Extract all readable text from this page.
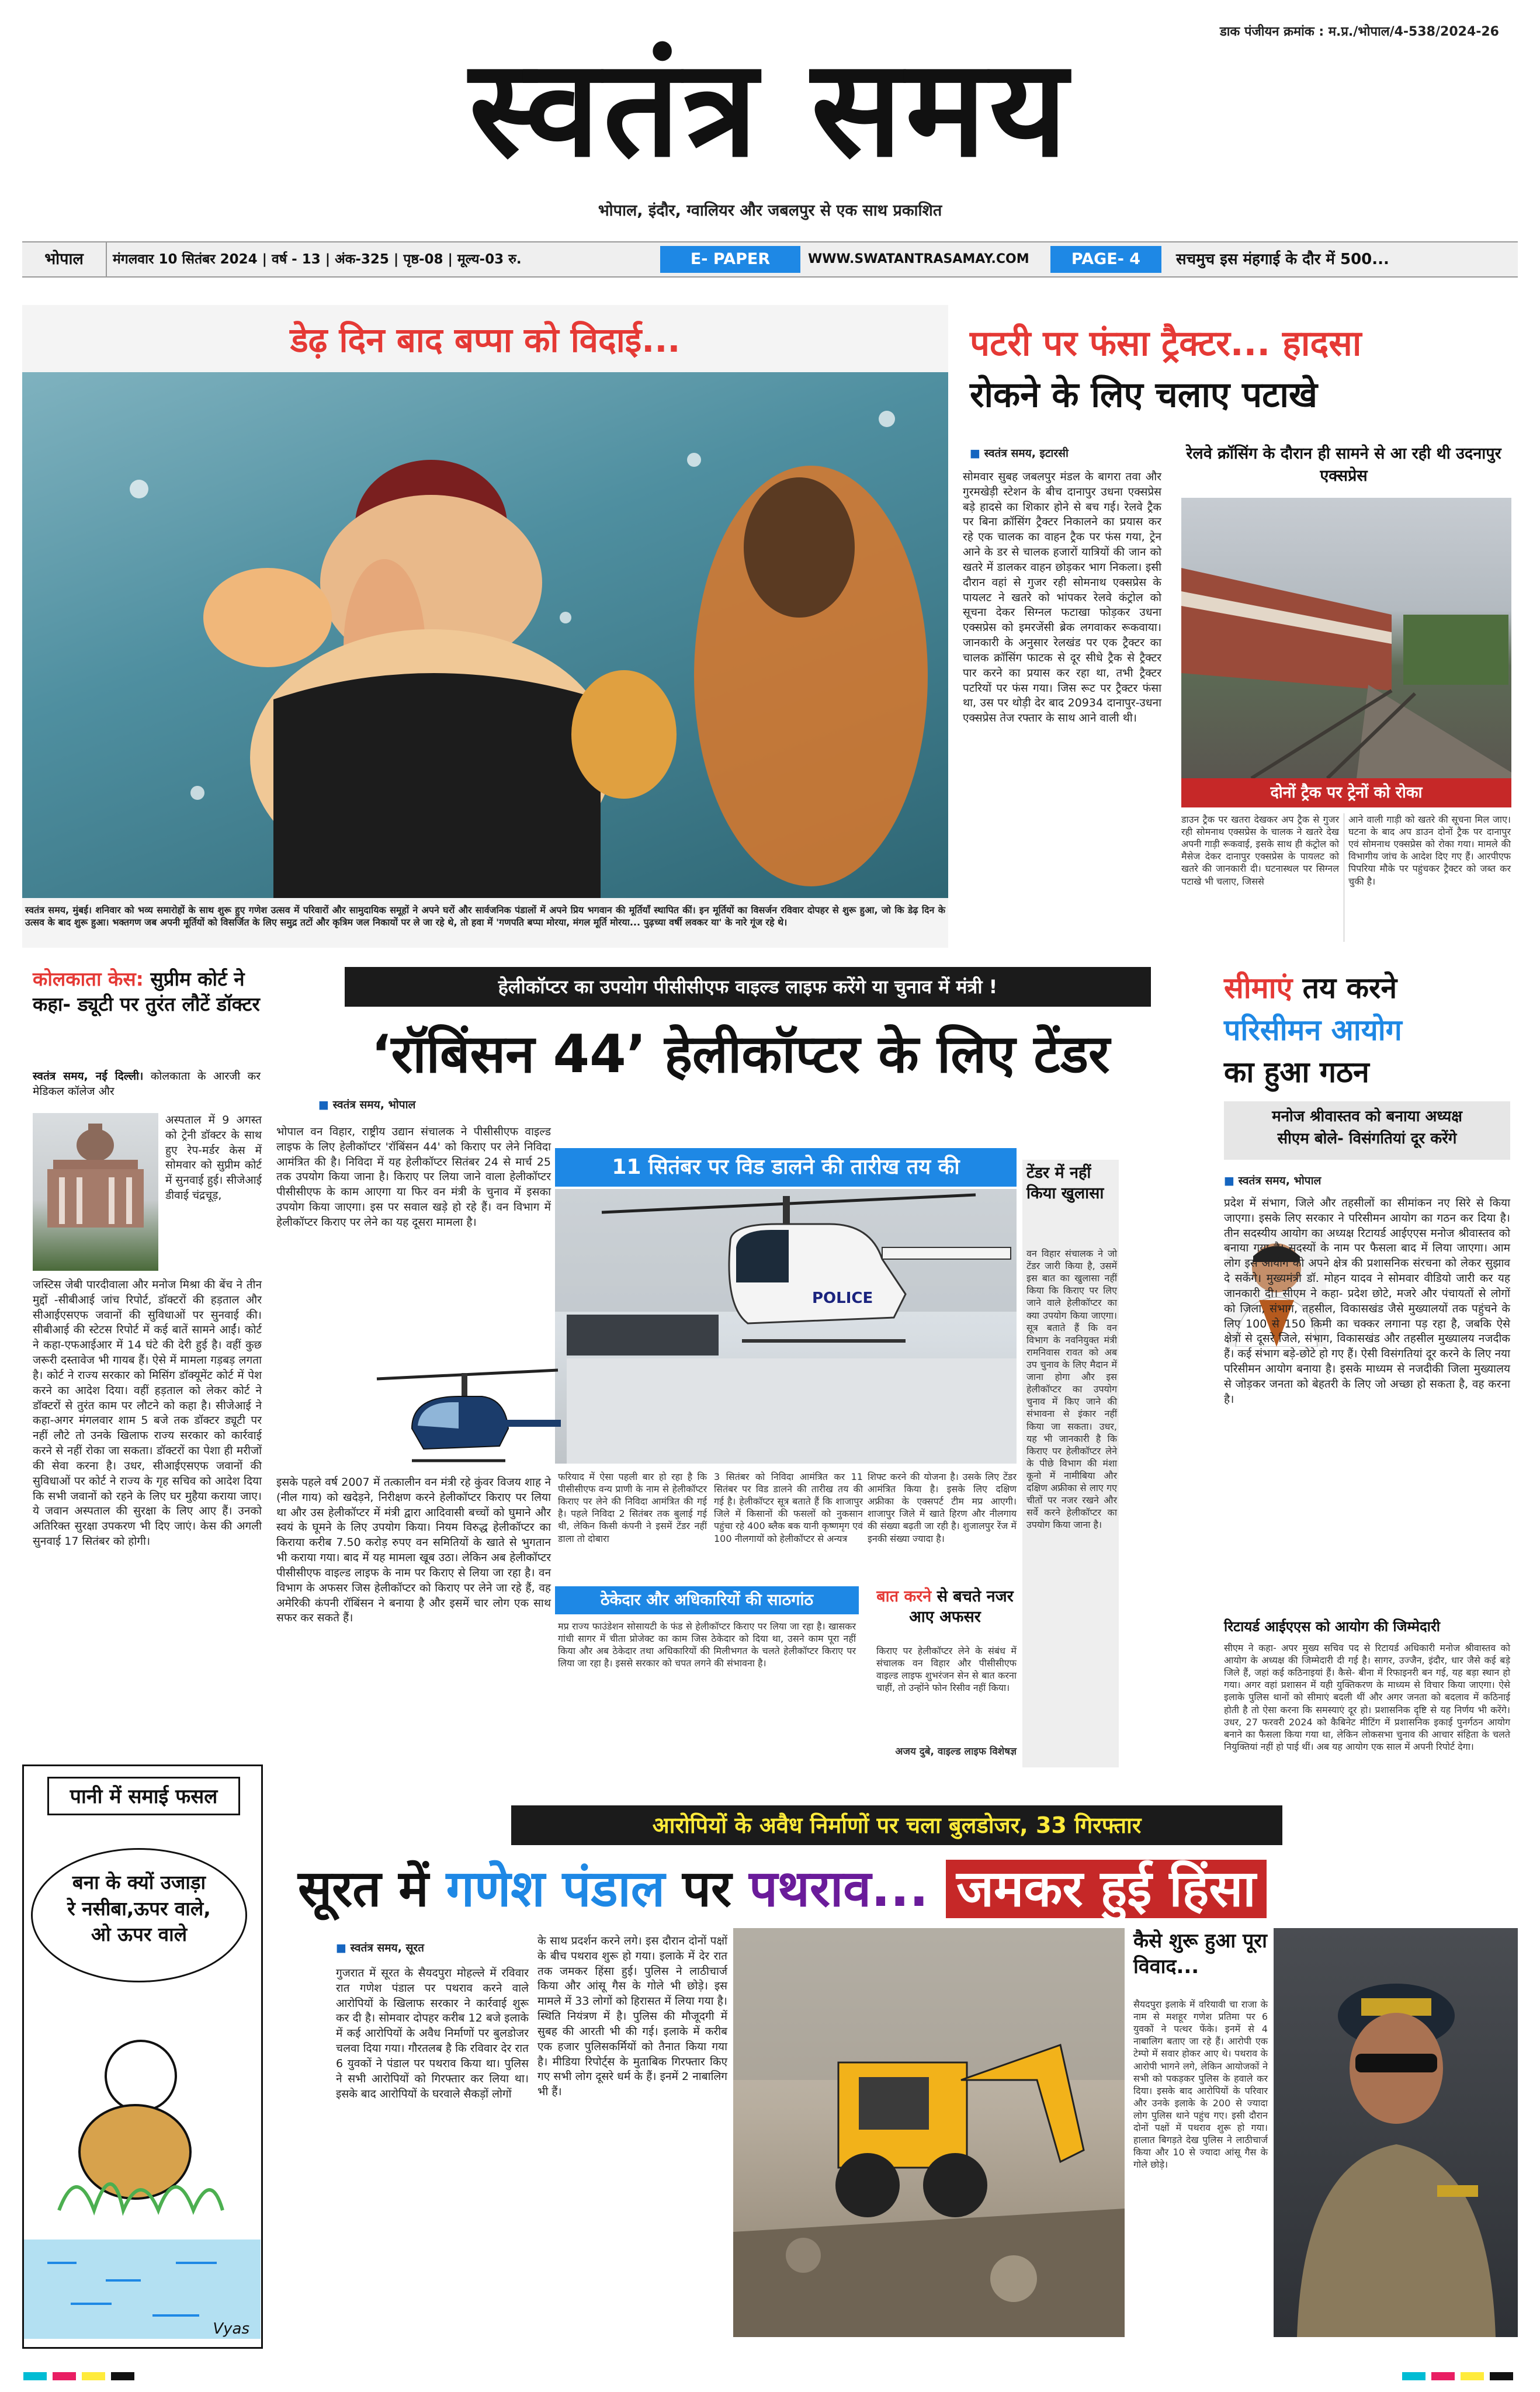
डाक पंजीयन क्रमांक : म.प्र./भोपाल/4-538/2024-26
स्वतंत्र समय
भोपाल, इंदौर, ग्वालियर और जबलपुर से एक साथ प्रकाशित
भोपाल	मंगलवार 10 सितंबर 2024 | वर्ष - 13 | अंक-325 | पृष्ठ-08 | मूल्य-03 रु.	E- PAPER	WWW.SWATANTRASAMAY.COM	PAGE- 4	सचमुच इस मंहगाई के दौर में 500...
डेढ़ दिन बाद बप्पा को विदाई...
स्वतंत्र समय, मुंबई। शनिवार को भव्य समारोहों के साथ शुरू हुए गणेश उत्सव में परिवारों और सामुदायिक समूहों ने अपने घरों और सार्वजनिक पंडालों में अपने प्रिय भगवान की मूर्तियाँ स्थापित कीं। इन मूर्तियों का विसर्जन रविवार दोपहर से शुरू हुआ, जो कि डेढ़ दिन के उत्सव के बाद शुरू हुआ। भक्तगण जब अपनी मूर्तियों को विसर्जित के लिए समुद्र तटों और कृत्रिम जल निकायों पर ले जा रहे थे, तो हवा में 'गणपति बप्पा मोरया, मंगल मूर्ति मोरया... पुढ़च्या वर्षी लवकर या' के नारे गूंज रहे थे।
पटरी पर फंसा ट्रैक्टर... हादसा
रोकने के लिए चलाए पटाखे
■ स्वतंत्र समय, इटारसी
सोमवार सुबह जबलपुर मंडल के बागरा तवा और गुरमखेड़ी स्टेशन के बीच दानापुर उधना एक्सप्रेस बड़े हादसे का शिकार होने से बच गई। रेलवे ट्रैक पर बिना क्रॉसिंग ट्रैक्टर निकालने का प्रयास कर रहे एक चालक का वाहन ट्रैक पर फंस गया, ट्रेन आने के डर से चालक हजारों यात्रियों की जान को खतरे में डालकर वाहन छोड़कर भाग निकला। इसी दौरान वहां से गुजर रही सोमनाथ एक्सप्रेस के पायलट ने खतरे को भांपकर रेलवे कंट्रोल को सूचना देकर सिग्नल फटाखा फोड़कर उधना एक्सप्रेस को इमरजेंसी ब्रेक लगवाकर रूकवाया। जानकारी के अनुसार रेलखंड पर एक ट्रैक्टर का चालक क्रॉसिंग फाटक से दूर सीधे ट्रैक से ट्रैक्टर पार करने का प्रयास कर रहा था, तभी ट्रैक्टर पटरियों पर फंस गया। जिस रूट पर ट्रैक्टर फंसा था, उस पर थोड़ी देर बाद 20934 दानापुर-उधना एक्सप्रेस तेज रफ्तार के साथ आने वाली थी।
रेलवे क्रॉसिंग के दौरान ही सामने से आ रही थी उदनापुर एक्सप्रेस
दोनों ट्रैक पर ट्रेनों को रोका
डाउन ट्रैक पर खतरा देखकर अप ट्रैक से गुजर रही सोमनाथ एक्सप्रेस के चालक ने खतरे देख अपनी गाड़ी रूकवाई, इसके साथ ही कंट्रोल को मैसेज देकर दानापुर एक्सप्रेस के पायलट को खतरे की जानकारी दी। घटनास्थल पर सिग्नल पटाखे भी चलाए, जिससे
आने वाली गाड़ी को खतरे की सूचना मिल जाए। घटना के बाद अप डाउन दोनों ट्रैक पर दानापुर एवं सोमनाथ एक्सप्रेस को रोका गया। मामले की विभागीय जांच के आदेश दिए गए हैं। आरपीएफ पिपरिया मौके पर पहुंचकर ट्रैक्टर को जब्त कर चुकी है।
कोलकाता केस: सुप्रीम कोर्ट ने कहा- ड्यूटी पर तुरंत लौटें डॉक्टर
स्वतंत्र समय, नई दिल्ली। कोलकाता के आरजी कर मेडिकल कॉलेज और
अस्पताल में 9 अगस्त को ट्रेनी डॉक्टर के साथ हुए रेप-मर्डर केस में सोमवार को सुप्रीम कोर्ट में सुनवाई हुई। सीजेआई डीवाई चंद्रचूड़,
जस्टिस जेबी पारदीवाला और मनोज मिश्रा की बेंच ने तीन मुद्दों -सीबीआई जांच रिपोर्ट, डॉक्टरों की हड़ताल और सीआईएसएफ जवानों की सुविधाओं पर सुनवाई की। सीबीआई की स्टेटस रिपोर्ट में कई बातें सामने आईं। कोर्ट ने कहा-एफआईआर में 14 घंटे की देरी हुई है। वहीं कुछ जरूरी दस्तावेज भी गायब हैं। ऐसे में मामला गड़बड़ लगता है। कोर्ट ने राज्य सरकार को मिसिंग डॉक्यूमेंट कोर्ट में पेश करने का आदेश दिया। वहीं हड़ताल को लेकर कोर्ट ने डॉक्टरों से तुरंत काम पर लौटने को कहा है। सीजेआई ने कहा-अगर मंगलवार शाम 5 बजे तक डॉक्टर ड्यूटी पर नहीं लौटे तो उनके खिलाफ राज्य सरकार को कार्रवाई करने से नहीं रोका जा सकता। डॉक्टरों का पेशा ही मरीजों की सेवा करना है। उधर, सीआईएसएफ जवानों की सुविधाओं पर कोर्ट ने राज्य के गृह सचिव को आदेश दिया कि सभी जवानों को रहने के लिए घर मुहैया कराया जाए। ये जवान अस्पताल की सुरक्षा के लिए आए हैं। उनको अतिरिक्त सुरक्षा उपकरण भी दिए जाएं। केस की अगली सुनवाई 17 सितंबर को होगी।
पानी में समाई फसल
बना के क्यों उजाड़ा
रे नसीबा,ऊपर वाले,
ओ ऊपर वाले
Vyas
हेलीकॉप्टर का उपयोग पीसीसीएफ वाइल्ड लाइफ करेंगे या चुनाव में मंत्री !
‘रॉबिंसन 44’ हेलीकॉप्टर के लिए टेंडर
■ स्वतंत्र समय, भोपाल
भोपाल वन विहार, राष्ट्रीय उद्यान संचालक ने पीसीसीएफ वाइल्ड लाइफ के लिए हेलीकॉप्टर 'रॉबिंसन 44' को किराए पर लेने निविदा आमंत्रित की है। निविदा में यह हेलीकॉप्टर सितंबर 24 से मार्च 25 तक उपयोग किया जाना है। किराए पर लिया जाने वाला हेलीकॉप्टर पीसीसीएफ के काम आएगा या फिर वन मंत्री के चुनाव में इसका उपयोग किया जाएगा। इस पर सवाल खड़े हो रहे हैं। वन विभाग में हेलीकॉप्टर किराए पर लेने का यह दूसरा मामला है।
11 सितंबर पर विड डालने की तारीख तय की
POLICE
इसके पहले वर्ष 2007 में तत्कालीन वन मंत्री रहे कुंवर विजय शाह ने (नील गाय) को खदेड़ने, निरीक्षण करने हेलीकॉप्टर किराए पर लिया था और उस हेलीकॉप्टर में मंत्री द्वारा आदिवासी बच्चों को घुमाने और स्वयं के घूमने के लिए उपयोग किया। नियम विरुद्ध हेलीकॉप्टर का किराया करीब 7.50 करोड़ रुपए वन समितियों के खाते से भुगतान भी कराया गया। बाद में यह मामला खूब उठा। लेकिन अब हेलीकॉप्टर पीसीसीएफ वाइल्ड लाइफ के नाम पर किराए से लिया जा रहा है। वन विभाग के अफसर जिस हेलीकॉप्टर को किराए पर लेने जा रहे हैं, वह अमेरिकी कंपनी रॉबिंसन ने बनाया है और इसमें चार लोग एक साथ सफर कर सकते हैं।
टेंडर में नहीं किया खुलासा
वन विहार संचालक ने जो टेंडर जारी किया है, उसमें इस बात का खुलासा नहीं किया कि किराए पर लिए जाने वाले हेलीकॉप्टर का क्या उपयोग किया जाएगा। सूत्र बताते हैं कि वन विभाग के नवनियुक्त मंत्री रामनिवास रावत को अब उप चुनाव के लिए मैदान में जाना होगा और इस हेलीकॉप्टर का उपयोग चुनाव में किए जाने की संभावना से इंकार नहीं किया जा सकता। उधर, यह भी जानकारी है कि किराए पर हेलीकॉप्टर लेने के पीछे विभाग की मंशा कूनो में नामीबिया और दक्षिण अफ्रीका से लाए गए चीतों पर नजर रखने और सर्वे करने हेलीकॉप्टर का उपयोग किया जाना है।
फरियाद में ऐसा पहली बार हो रहा है कि पीसीसीएफ वन्य प्राणी के नाम से हेलीकॉप्टर किराए पर लेने की निविदा आमंत्रित की गई है। पहले निविदा 2 सितंबर तक बुलाई गई थी, लेकिन किसी कंपनी ने इसमें टेंडर नहीं डाला तो दोबारा
3 सितंबर को निविदा आमंत्रित कर 11 सितंबर पर विड डालने की तारीख तय की गई है। हेलीकॉप्टर सूत्र बताते हैं कि शाजापुर जिले में किसानों की फसलों को नुकसान पहुंचा रहे 400 ब्लैक बक यानी कृष्णमृग एवं 100 नीलगायों को हेलीकॉप्टर से अन्यत्र
शिफ्ट करने की योजना है। उसके लिए टेंडर आमंत्रित किया है। इसके लिए दक्षिण अफ्रीका के एक्सपर्ट टीम मप्र आएगी। शाजापुर जिले में खाते हिरण और नीलगाय की संख्या बढ़ती जा रही है। शुजालपुर रेंज में इनकी संख्या ज्यादा है।
ठेकेदार और अधिकारियों की साठगांठ
मप्र राज्य फाउंडेशन सोसायटी के फंड से हेलीकॉप्टर किराए पर लिया जा रहा है। खासकर गांधी सागर में चीता प्रोजेक्ट का काम जिस ठेकेदार को दिया था, उसने काम पूरा नहीं किया और अब ठेकेदार तथा अधिकारियों की मिलीभगत के चलते हेलीकॉप्टर किराए पर लिया जा रहा है। इससे सरकार को चपत लगने की संभावना है।
बात करने से बचते नजर आए अफसर
किराए पर हेलीकॉप्टर लेने के संबंध में संचालक वन विहार और पीसीसीएफ वाइल्ड लाइफ शुभरंजन सेन से बात करना चाहीं, तो उन्होंने फोन रिसीव नहीं किया।
अजय दुबे, वाइल्ड लाइफ विशेषज्ञ
सीमाएं तय करने
परिसीमन आयोग
का हुआ गठन
मनोज श्रीवास्तव को बनाया अध्यक्ष
सीएम बोले- विसंगतियां दूर करेंगे
■ स्वतंत्र समय, भोपाल
प्रदेश में संभाग, जिले और तहसीलों का सीमांकन नए सिरे से किया जाएगा। इसके लिए सरकार ने परिसीमन आयोग का गठन कर दिया है। तीन सदस्यीय आयोग का अध्यक्ष रिटायर्ड आईएएस मनोज श्रीवास्तव को बनाया गया है। सदस्यों के नाम पर फैसला बाद में लिया जाएगा। आम लोग इस आयोग को अपने क्षेत्र की प्रशासनिक संरचना को लेकर सुझाव दे सकेंगे। मुख्यमंत्री डॉ. मोहन यादव ने सोमवार वीडियो जारी कर यह जानकारी दी। सीएम ने कहा- प्रदेश छोटे, मजरे और पंचायतों से लोगों को जिला, संभाग, तहसील, विकासखंड जैसे मुख्यालयों तक पहुंचने के लिए 100 से 150 किमी का चक्कर लगाना पड़ रहा है, जबकि ऐसे क्षेत्रों से दूसरे जिले, संभाग, विकासखंड और तहसील मुख्यालय नजदीक हैं। कई संभाग बड़े-छोटे हो गए हैं। ऐसी विसंगतियां दूर करने के लिए नया परिसीमन आयोग बनाया है। इसके माध्यम से नजदीकी जिला मुख्यालय से जोड़कर जनता को बेहतरी के लिए जो अच्छा हो सकता है, वह करना है।
रिटायर्ड आईएएस को आयोग की जिम्मेदारी
सीएम ने कहा- अपर मुख्य सचिव पद से रिटायर्ड अधिकारी मनोज श्रीवास्तव को आयोग के अध्यक्ष की जिम्मेदारी दी गई है। सागर, उज्जैन, इंदौर, धार जैसे कई बड़े जिले हैं, जहां कई कठिनाइयां हैं। कैसे- बीना में रिफाइनरी बन गई, यह बड़ा स्थान हो गया। अगर वहां प्रशासन में यही युक्तिकरण के माध्यम से विचार किया जाएगा। ऐसे इलाके पुलिस थानों को सीमाएं बदली थीं और अगर जनता को बदलाव में कठिनाई होती है तो ऐसा करना कि समस्याएं दूर हो। प्रशासनिक दृष्टि से यह निर्णय भी करेंगे। उधर, 27 फरवरी 2024 को कैबिनेट मीटिंग में प्रशासनिक इकाई पुनर्गठन आयोग बनाने का फैसला किया गया था, लेकिन लोकसभा चुनाव की आचार संहिता के चलते नियुक्तियां नहीं हो पाई थीं। अब यह आयोग एक साल में अपनी रिपोर्ट देगा।
आरोपियों के अवैध निर्माणों पर चला बुलडोजर, 33 गिरफ्तार
सूरत में गणेश पंडाल पर पथराव... जमकर हुई हिंसा
■ स्वतंत्र समय, सूरत
गुजरात में सूरत के सैयदपुरा मोहल्ले में रविवार रात गणेश पंडाल पर पथराव करने वाले आरोपियों के खिलाफ सरकार ने कार्रवाई शुरू कर दी है। सोमवार दोपहर करीब 12 बजे इलाके में कई आरोपियों के अवैध निर्माणों पर बुलडोजर चलवा दिया गया। गौरतलब है कि रविवार देर रात 6 युवकों ने पंडाल पर पथराव किया था। पुलिस ने सभी आरोपियों को गिरफ्तार कर लिया था। इसके बाद आरोपियों के घरवाले सैकड़ों लोगों
के साथ प्रदर्शन करने लगे। इस दौरान दोनों पक्षों के बीच पथराव शुरू हो गया। इलाके में देर रात तक जमकर हिंसा हुई। पुलिस ने लाठीचार्ज किया और आंसू गैस के गोले भी छोड़े। इस मामले में 33 लोगों को हिरासत में लिया गया है। स्थिति नियंत्रण में है। पुलिस की मौजूदगी में सुबह की आरती भी की गई। इलाके में करीब एक हजार पुलिसकर्मियों को तैनात किया गया है। मीडिया रिपोर्ट्स के मुताबिक गिरफ्तार किए गए सभी लोग दूसरे धर्म के हैं। इनमें 2 नाबालिग भी हैं।
कैसे शुरू हुआ पूरा विवाद...
सैयदपुरा इलाके में वरियावी चा राजा के नाम से मशहूर गणेश प्रतिमा पर 6 युवकों ने पत्थर फेंके। इनमें से 4 नाबालिग बताए जा रहे हैं। आरोपी एक टेम्पो में सवार होकर आए थे। पथराव के आरोपी भागने लगे, लेकिन आयोजकों ने सभी को पकड़कर पुलिस के हवाले कर दिया। इसके बाद आरोपियों के परिवार और उनके इलाके के 200 से ज्यादा लोग पुलिस थाने पहुंच गए। इसी दौरान दोनों पक्षों में पथराव शुरू हो गया। हालात बिगड़ते देख पुलिस ने लाठीचार्ज किया और 10 से ज्यादा आंसू गैस के गोले छोड़े।
